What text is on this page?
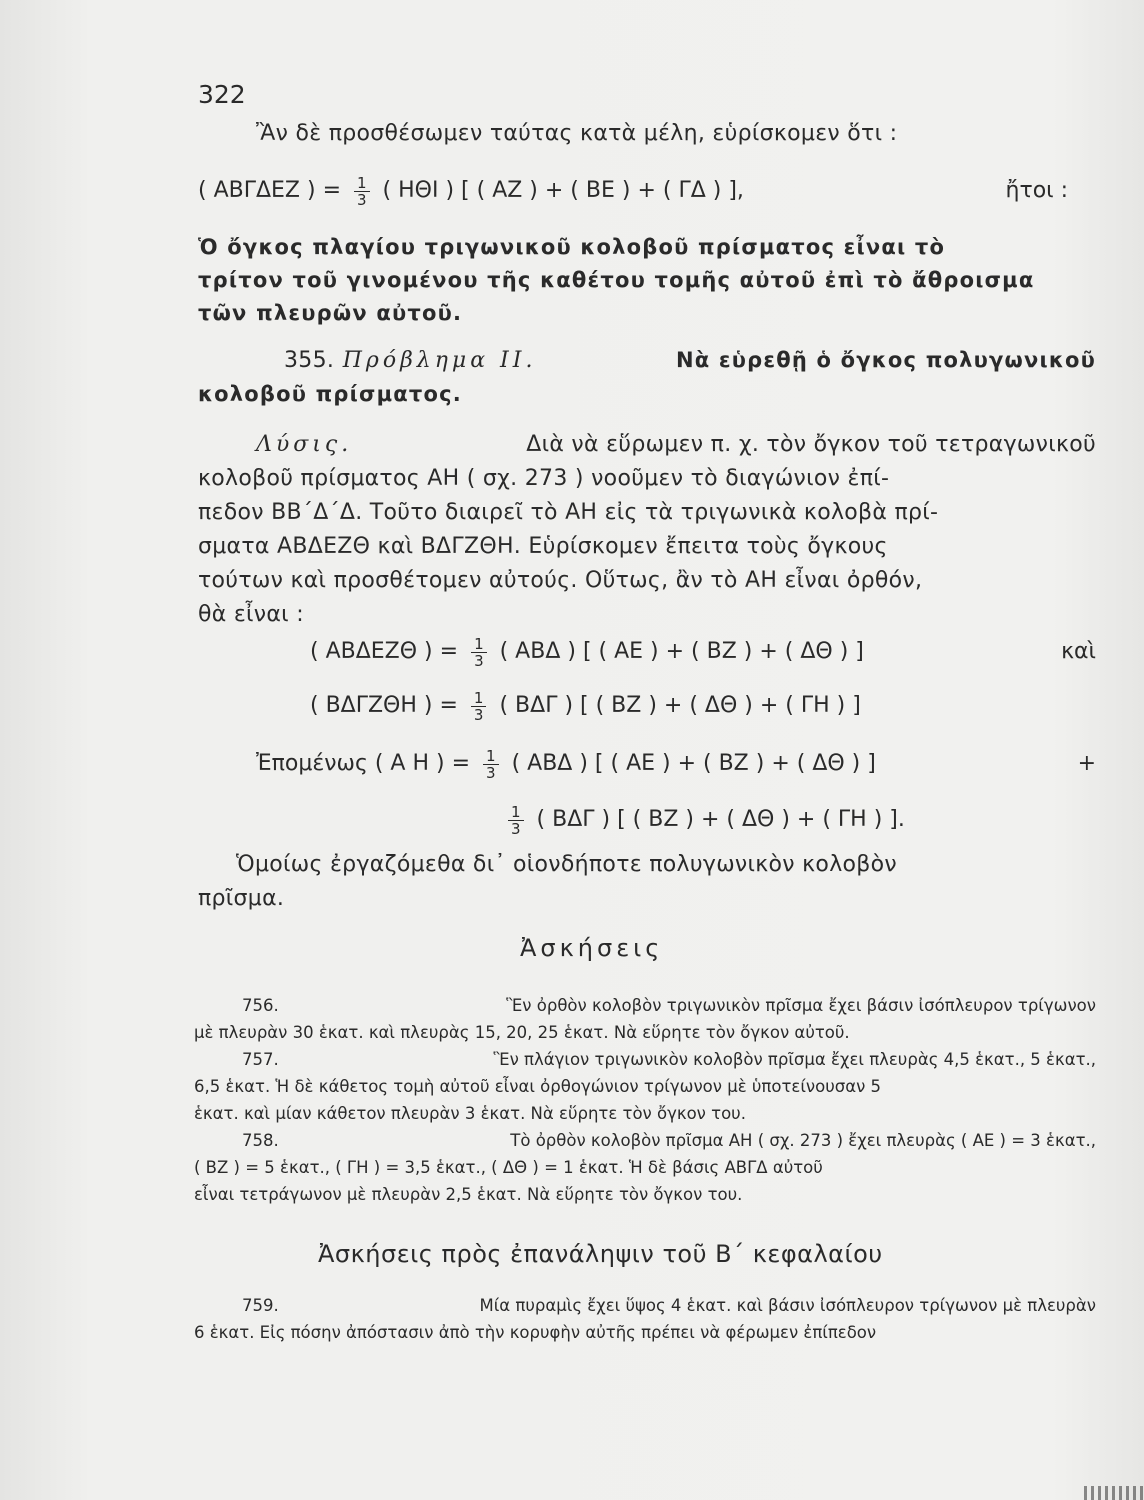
322
Ἂν δὲ προσθέσωμεν ταύτας κατὰ μέλη, εὑρίσκομεν ὅτι :
( ΑΒΓΔΕΖ ) = $\frac{1}{3}$ ( ΗΘΙ ) [ ( ΑΖ ) + ( ΒΕ ) + ( ΓΔ ) ],	ἤτοι :
Ὁ ὄγκος πλαγίου τριγωνικοῦ κολοβοῦ πρίσματος εἶναι τὸ
τρίτον τοῦ γινομένου τῆς καθέτου τομῆς αὐτοῦ ἐπὶ τὸ ἄθροισμα
τῶν πλευρῶν αὐτοῦ.
355. Πρόβλημα II.	Νὰ εὑρεθῇ ὁ ὄγκος πολυγωνικοῦ
κολοβοῦ πρίσματος.
Λύσις.	Διὰ νὰ εὕρωμεν π. χ. τὸν ὄγκον τοῦ τετραγωνικοῦ
κολοβοῦ πρίσματος ΑΗ ( σχ. 273 ) νοοῦμεν τὸ διαγώνιον ἐπί-
πεδον ΒΒ΄Δ΄Δ. Τοῦτο διαιρεῖ τὸ ΑΗ εἰς τὰ τριγωνικὰ κολοβὰ πρί-
σματα ΑΒΔΕΖΘ καὶ ΒΔΓΖΘΗ. Εὑρίσκομεν ἔπειτα τοὺς ὄγκους
τούτων καὶ προσθέτομεν αὐτούς. Οὕτως, ἂν τὸ ΑΗ εἶναι ὀρθόν,
θὰ εἶναι :
( ΑΒΔΕΖΘ ) = $\frac{1}{3}$ ( ΑΒΔ ) [ ( ΑΕ ) + ( ΒΖ ) + ( ΔΘ ) ]	καὶ
( ΒΔΓΖΘΗ ) = $\frac{1}{3}$ ( ΒΔΓ ) [ ( ΒΖ ) + ( ΔΘ ) + ( ΓΗ ) ]
Ἐπομένως ( Α Η ) = $\frac{1}{3}$ ( ΑΒΔ ) [ ( ΑΕ ) + ( ΒΖ ) + ( ΔΘ ) ]	+
$\frac{1}{3}$ ( ΒΔΓ ) [ ( ΒΖ ) + ( ΔΘ ) + ( ΓΗ ) ].
Ὁμοίως ἐργαζόμεθα δι᾽ οἱονδήποτε πολυγωνικὸν κολοβὸν
πρῖσμα.
Ἀσκήσεις
756.	Ἓν ὀρθὸν κολοβὸν τριγωνικὸν πρῖσμα ἔχει βάσιν ἰσόπλευρον τρίγωνον
μὲ πλευρὰν 30 ἑκατ. καὶ πλευρὰς 15, 20, 25 ἑκατ. Νὰ εὕρητε τὸν ὄγκον αὐτοῦ.
757.	Ἓν πλάγιον τριγωνικὸν κολοβὸν πρῖσμα ἔχει πλευρὰς 4,5 ἑκατ., 5 ἑκατ.,
6,5 ἑκατ. Ἡ δὲ κάθετος τομὴ αὐτοῦ εἶναι ὀρθογώνιον τρίγωνον μὲ ὑποτείνουσαν 5
ἑκατ. καὶ μίαν κάθετον πλευρὰν 3 ἑκατ. Νὰ εὕρητε τὸν ὄγκον του.
758.	Τὸ ὀρθὸν κολοβὸν πρῖσμα ΑΗ ( σχ. 273 ) ἔχει πλευρὰς ( ΑΕ ) = 3 ἑκατ.,
( ΒΖ ) = 5 ἑκατ., ( ΓΗ ) = 3,5 ἑκατ., ( ΔΘ ) = 1 ἑκατ. Ἡ δὲ βάσις ΑΒΓΔ αὐτοῦ
εἶναι τετράγωνον μὲ πλευρὰν 2,5 ἑκατ. Νὰ εὕρητε τὸν ὄγκον του.
Ἀσκήσεις πρὸς ἐπανάληψιν τοῦ Β΄ κεφαλαίου
759.	Μία πυραμὶς ἔχει ὕψος 4 ἑκατ. καὶ βάσιν ἰσόπλευρον τρίγωνον μὲ πλευρὰν
6 ἑκατ. Εἰς πόσην ἀπόστασιν ἀπὸ τὴν κορυφὴν αὐτῆς πρέπει νὰ φέρωμεν ἐπίπεδον
